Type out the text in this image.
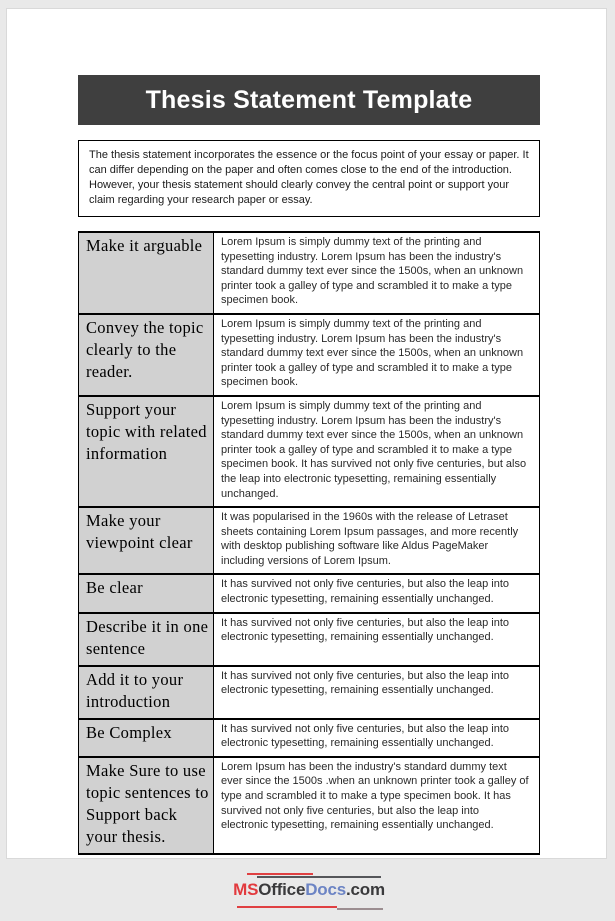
Thesis Statement Template
The thesis statement incorporates the essence or the focus point of your essay or paper. It can differ depending on the paper and often comes close to the end of the introduction. However, your thesis statement should clearly convey the central point or support your claim regarding your research paper or essay.
Make it arguable	Lorem Ipsum is simply dummy text of the printing and typesetting industry. Lorem Ipsum has been the industry's standard dummy text ever since the 1500s, when an unknown printer took a galley of type and scrambled it to make a type specimen book.
Convey the topic clearly to the reader.	Lorem Ipsum is simply dummy text of the printing and typesetting industry. Lorem Ipsum has been the industry's standard dummy text ever since the 1500s, when an unknown printer took a galley of type and scrambled it to make a type specimen book.
Support your topic with related information	Lorem Ipsum is simply dummy text of the printing and typesetting industry. Lorem Ipsum has been the industry's standard dummy text ever since the 1500s, when an unknown printer took a galley of type and scrambled it to make a type specimen book. It has survived not only five centuries, but also the leap into electronic typesetting, remaining essentially unchanged.
Make your viewpoint clear	It was popularised in the 1960s with the release of Letraset sheets containing Lorem Ipsum passages, and more recently with desktop publishing software like Aldus PageMaker including versions of Lorem Ipsum.
Be clear	It has survived not only five centuries, but also the leap into electronic typesetting, remaining essentially unchanged.
Describe it in one sentence	It has survived not only five centuries, but also the leap into electronic typesetting, remaining essentially unchanged.
Add it to your introduction	It has survived not only five centuries, but also the leap into electronic typesetting, remaining essentially unchanged.
Be Complex	It has survived not only five centuries, but also the leap into electronic typesetting, remaining essentially unchanged.
Make Sure to use topic sentences to Support back your thesis.	Lorem Ipsum has been the industry's standard dummy text ever since the 1500s .when an unknown printer took a galley of type and scrambled it to make a type specimen book. It has survived not only five centuries, but also the leap into electronic typesetting, remaining essentially unchanged.
MSOfficeDocs.com
